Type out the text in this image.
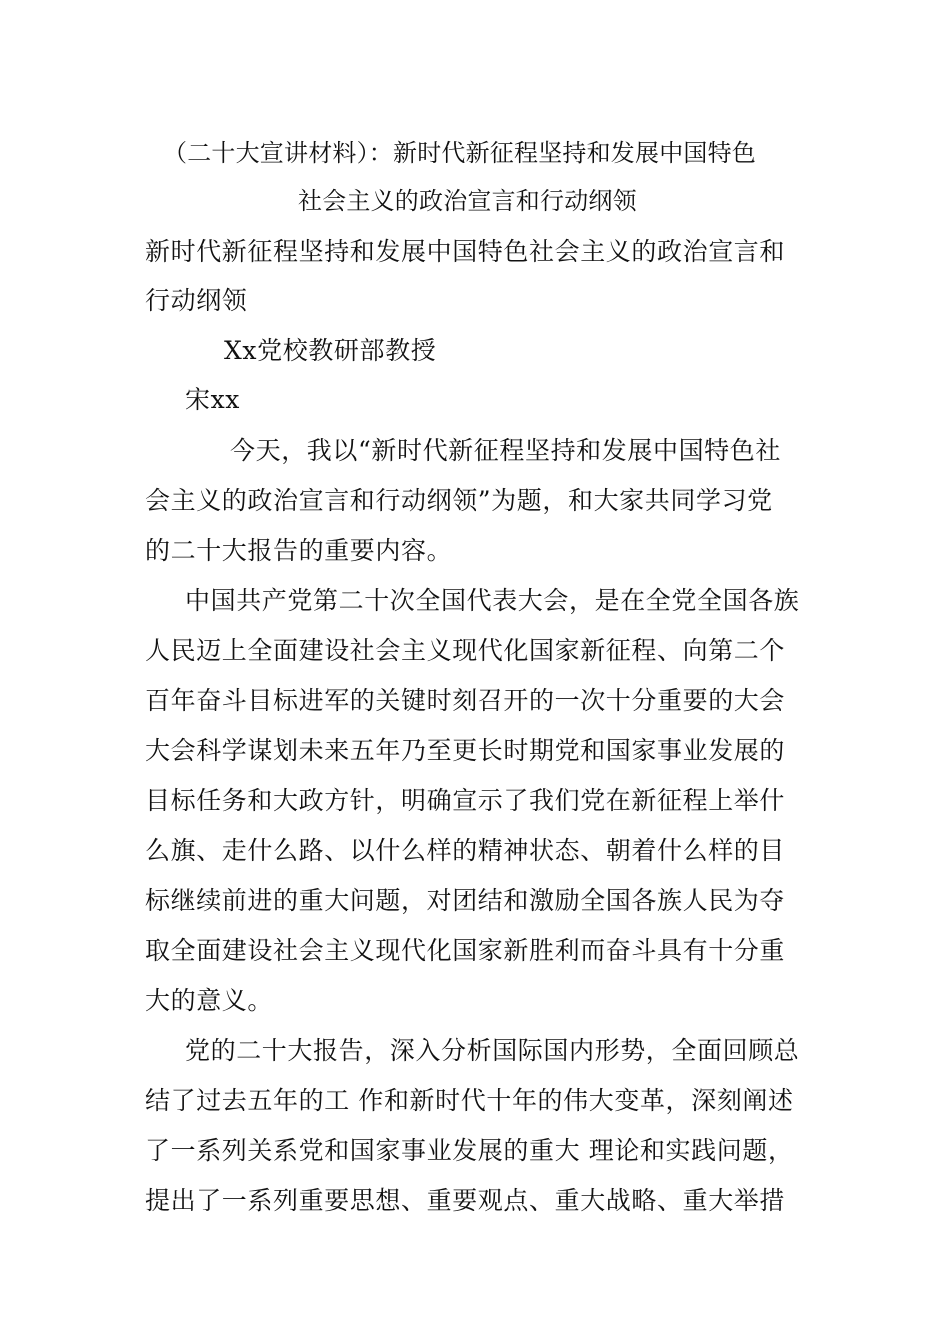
（二十大宣讲材料）：新时代新征程坚持和发展中国特色
社会主义的政治宣言和行动纲领
新时代新征程坚持和发展中国特色社会主义的政治宣言和
行动纲领
Xx党校教研部教授
宋xx
今天，我以“新时代新征程坚持和发展中国特色社
会主义的政治宣言和行动纲领”为题，和大家共同学习党
的二十大报告的重要内容。
中国共产党第二十次全国代表大会，是在全党全国各族
人民迈上全面建设社会主义现代化国家新征程、向第二个
百年奋斗目标进军的关键时刻召开的一次十分重要的大会
大会科学谋划未来五年乃至更长时期党和国家事业发展的
目标任务和大政方针，明确宣示了我们党在新征程上举什
么旗、走什么路、以什么样的精神状态、朝着什么样的目
标继续前进的重大问题，对团结和激励全国各族人民为夺
取全面建设社会主义现代化国家新胜利而奋斗具有十分重
大的意义。
党的二十大报告，深入分析国际国内形势，全面回顾总
结了过去五年的工 作和新时代十年的伟大变革，深刻阐述
了一系列关系党和国家事业发展的重大 理论和实践问题，
提出了一系列重要思想、重要观点、重大战略、重大举措
